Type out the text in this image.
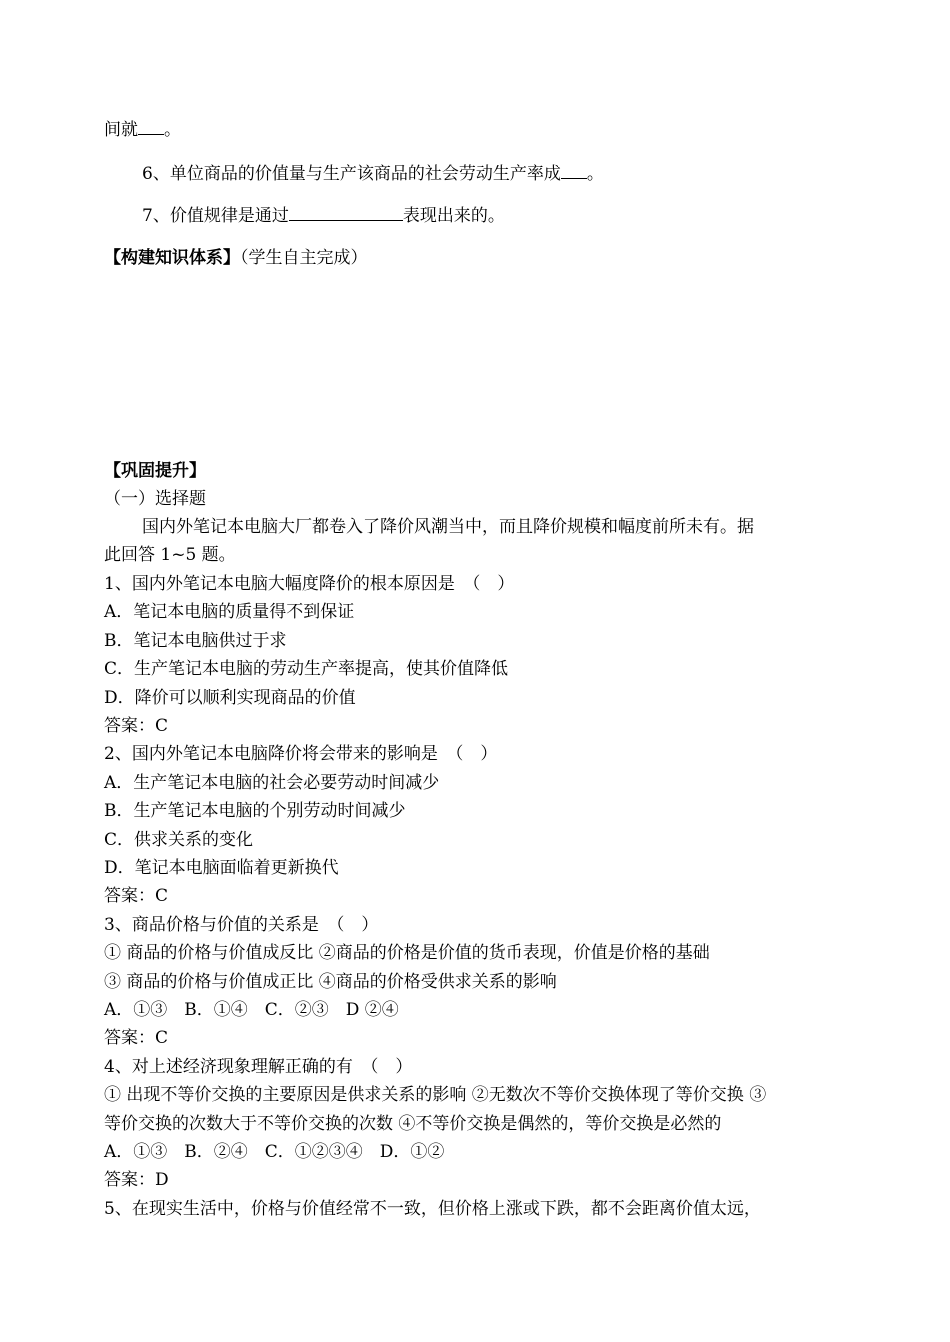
间就 。
6、单位商品的价值量与生产该商品的社会劳动生产率成 。
7、价值规律是通过	表现出来的。
【构建知识体系】（学生自主完成）
【巩固提升】
（一）选择题
国内外笔记本电脑大厂都卷入了降价风潮当中，而且降价规模和幅度前所未有。据
此回答 1~5 题。
1、国内外笔记本电脑大幅度降价的根本原因是　（　）
A．笔记本电脑的质量得不到保证
B．笔记本电脑供过于求
C．生产笔记本电脑的劳动生产率提高，使其价值降低
D．降价可以顺利实现商品的价值
答案：C
2、国内外笔记本电脑降价将会带来的影响是　（　）
A．生产笔记本电脑的社会必要劳动时间减少
B．生产笔记本电脑的个别劳动时间减少
C．供求关系的变化
D．笔记本电脑面临着更新换代
答案：C
3、商品价格与价值的关系是　（　）
① 商品的价格与价值成反比 ②商品的价格是价值的货币表现，价值是价格的基础
③ 商品的价格与价值成正比 ④商品的价格受供求关系的影响
A．①③　B．①④　C．②③　D ②④
答案：C
4、对上述经济现象理解正确的有　（　）
① 出现不等价交换的主要原因是供求关系的影响 ②无数次不等价交换体现了等价交换 ③
等价交换的次数大于不等价交换的次数 ④不等价交换是偶然的，等价交换是必然的
A．①③　B．②④　C．①②③④　D．①②
答案：D
5、在现实生活中，价格与价值经常不一致，但价格上涨或下跌，都不会距离价值太远，
